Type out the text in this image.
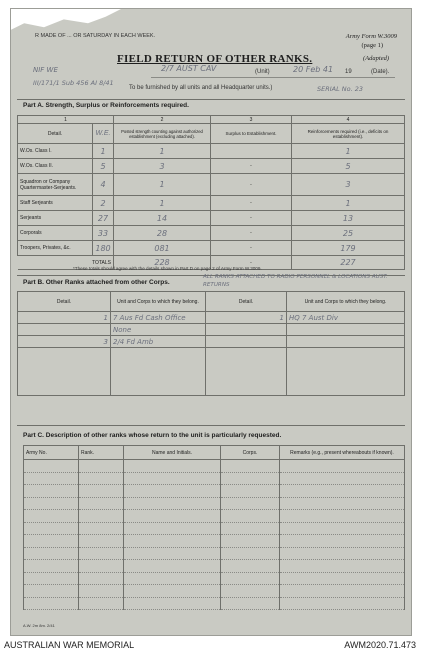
R MADE OF ... OR SATURDAY IN EACH WEEK.	Army Form W.3009
(page 1)
FIELD RETURN OF OTHER RANKS.	(Adapted)
NIF WE	2/7 AUST CAV	(Unit)	20 Feb 41 19	(Date).
III/171/1 Sub 456 AI 8/41
To be furnished by all units and all Headquarter units.)	SERIAL No. 23
Part A. Strength, Surplus or Reinforcements required.
1		2	3	4
Detail.	W.E.	Posted strength counting against authorized establishment (excluding attached).	Surplus to Establishment.	Reinforcements required (i.e., deficits on establishment).
W.Os. Class I.	1	1		1
W.Os. Class II.	5	3	-	5
Squadron or Company Quartermaster-Serjeants.	4	1	-	3
Staff Serjeants	2	1	-	1
Serjeants	27	14	-	13
Corporals	33	28	-	25
Troopers, Privates, &c.	180	081	-	179
TOTALS		228	-	227
*These totals should agree with the details shown in Part D on page 2 of Army Form W.3009.
Part B. Other Ranks attached from other Corps.
ALL RANKS ATTACHED TO RADIO PERSONNEL & LOCATIONS AUST. RETURNS
Detail.	Unit and Corps to which they belong.	Detail.	Unit and Corps to which they belong.
1	7 Aus Fd Cash Office	1	HQ 7 Aust Div
	None		
3	2/4 Fd Amb		

Part C. Description of other ranks whose return to the unit is particularly requested.
Army No.	Rank.	Name and Initials.	Corps.	Remarks (e.g., present whereabouts if known).

A.W. 2m 8m. 2/41
AUSTRALIAN WAR MEMORIAL	AWM2020.71.473
